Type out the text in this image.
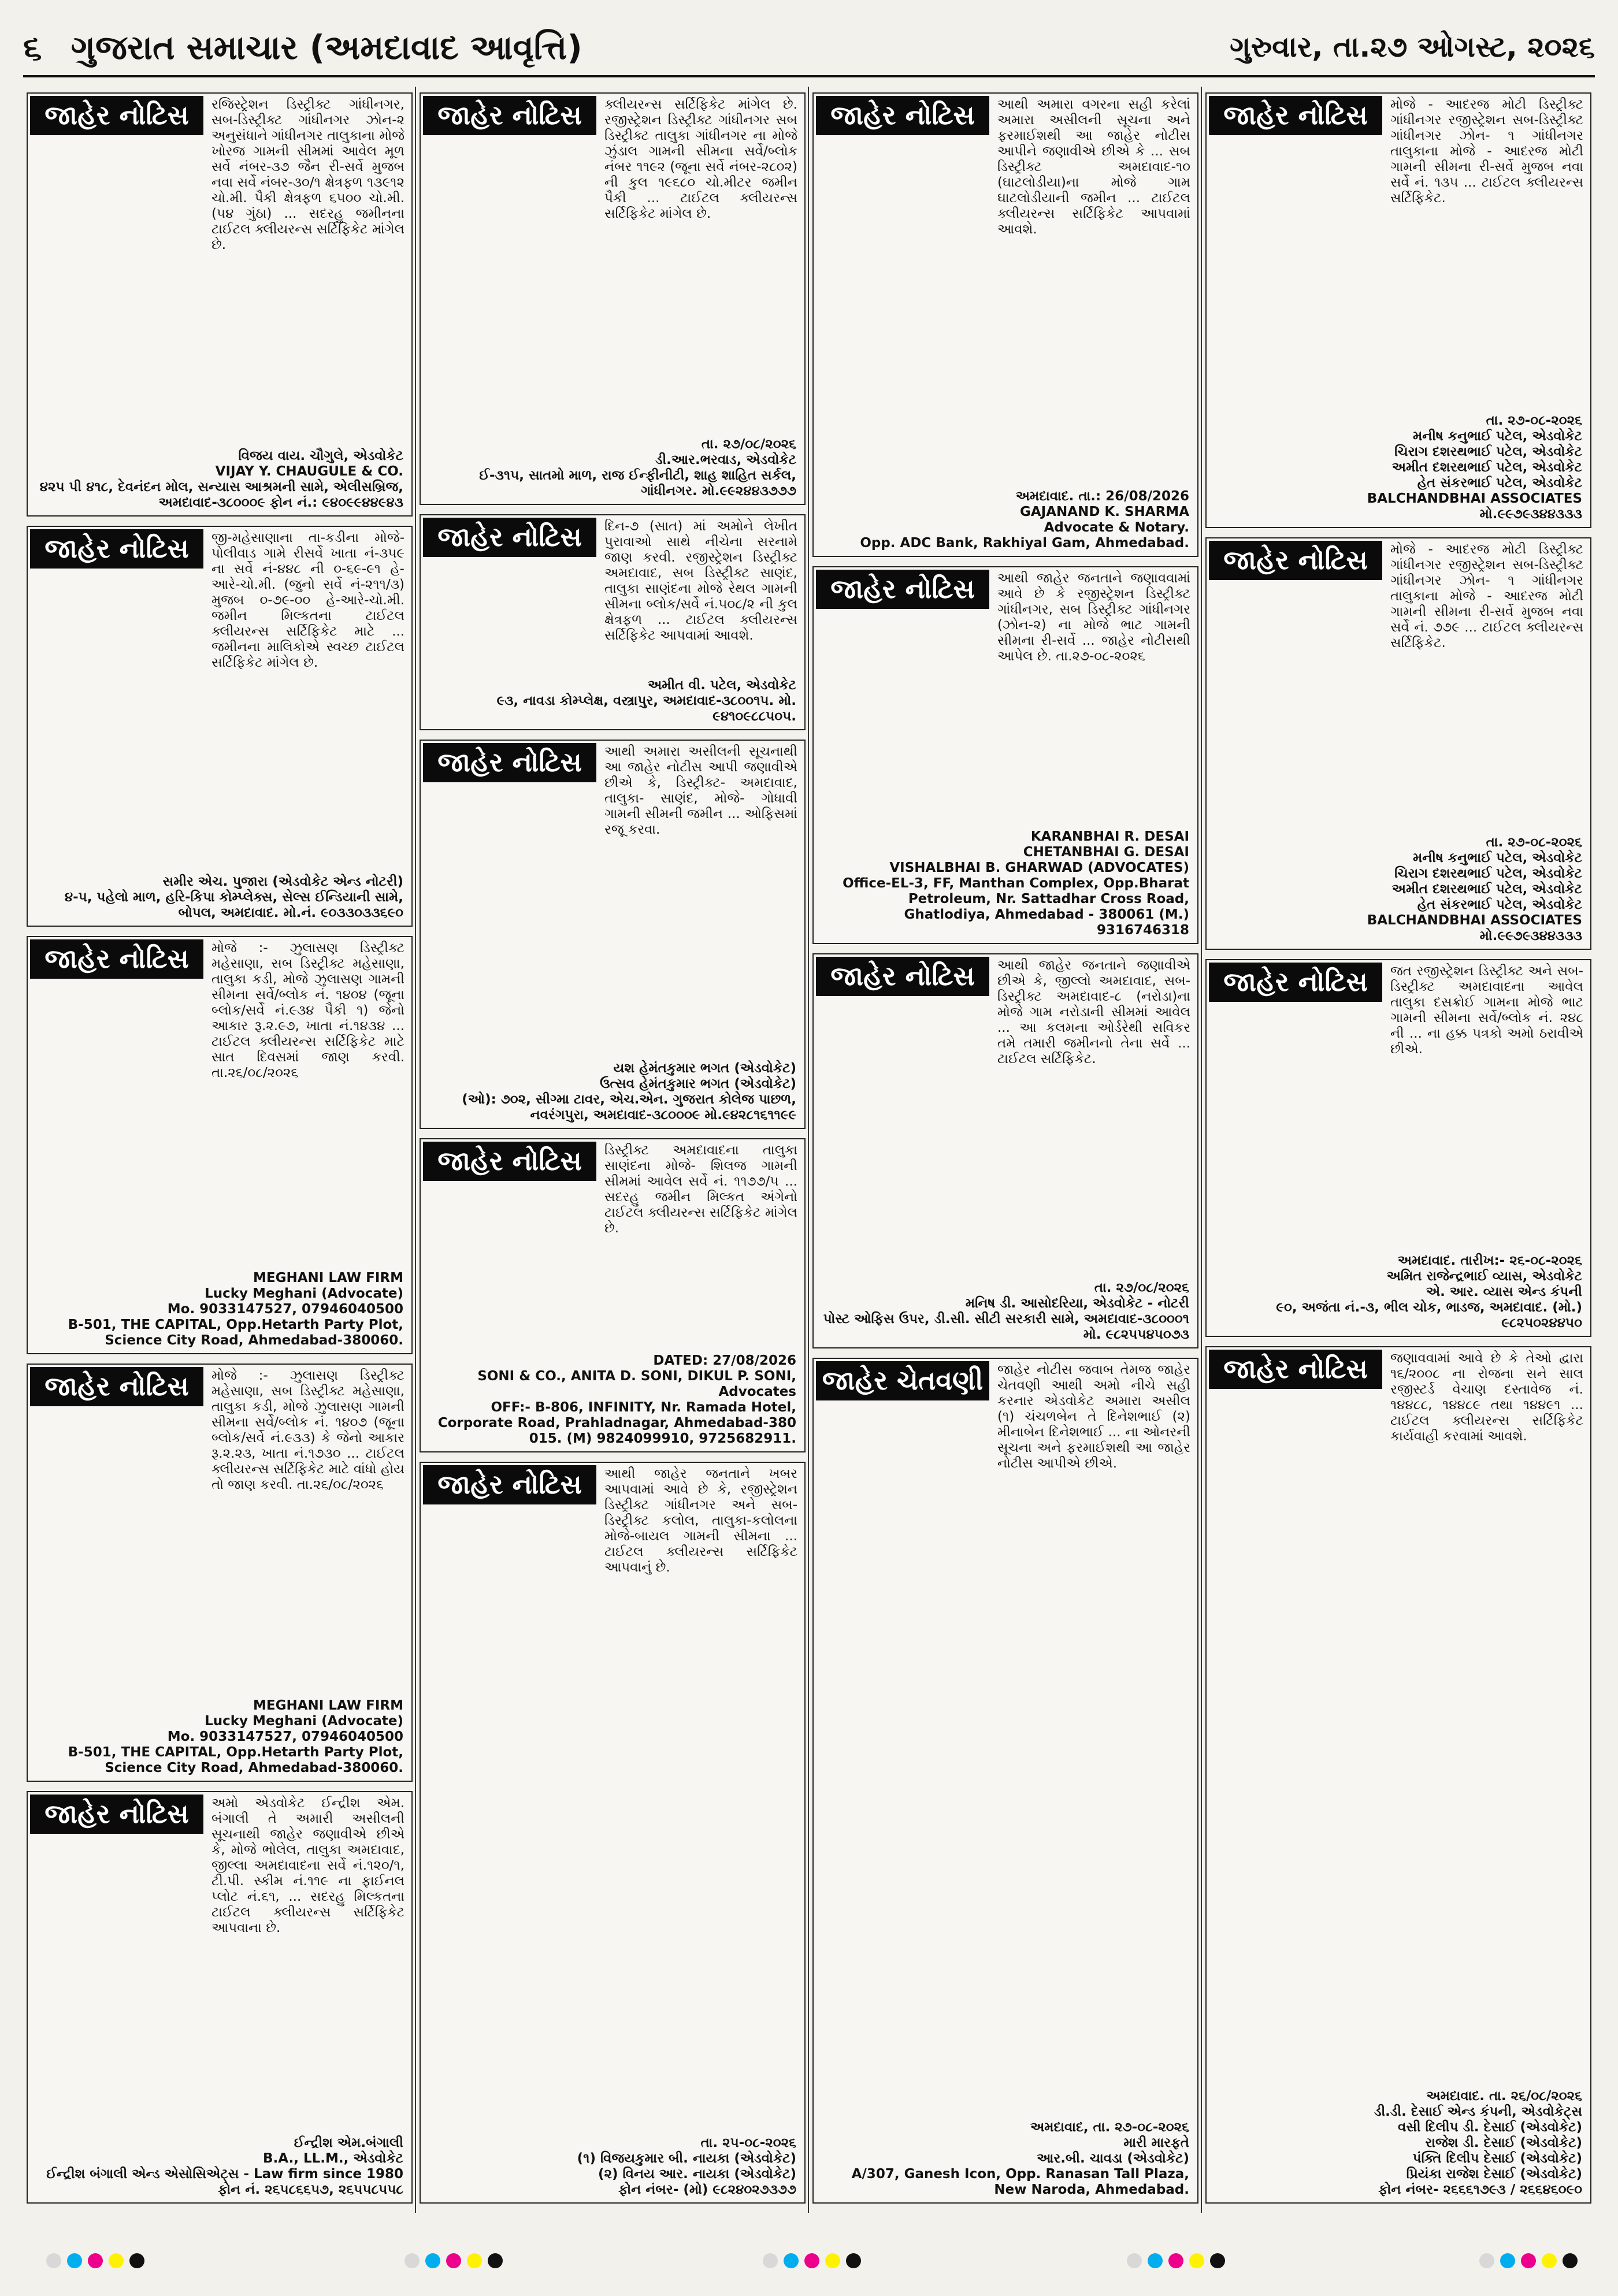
૬ ગુજરાત સમાચાર (અમદાવાદ આવૃત્તિ)	ગુરુવાર, તા.૨૭ ઓગસ્ટ, ૨૦૨૬
જાહેર નોટિસ	રજિસ્ટ્રેશન ડિસ્ટ્રીક્ટ ગાંધીનગર, સબ-ડિસ્ટ્રીક્ટ ગાંધીનગર ઝોન-૨ અનુસંધાને ગાંધીનગર તાલુકાના મોજે ખોરજ ગામની સીમમાં આવેલ મૂળ સર્વે નંબર-૩૭ જૈન રી-સર્વે મુજબ નવા સર્વે નંબર-૩૦/૧ ક્ષેત્રફળ ૧૩૯૧૨ ચો.મી. પૈકી ક્ષેત્રફળ ૬૫૦૦ ચો.મી. (૫૪ ગુંઠા) ... સદરહુ જમીનના ટાઈટલ ક્લીયરન્સ સર્ટિફિકેટ માંગેલ છે.
વિજય વાય. ચૌગુલે, એડવોકેટ
VIJAY Y. CHAUGULE & CO.
૪૨૫ પી ૪૧૮, દેવનંદન મોલ, સન્યાસ આશ્રમની સામે, એલીસબ્રિજ, અમદાવાદ-૩૮૦૦૦૯ ફોન નં.: ૯૪૦૯૯૪૪૯૪૩
જાહેર નોટિસ	જી-મહેસાણાના તા-કડીના મોજે-પોલીવાડ ગામે રીસર્વે ખાતા નં-૩૫૯ ના સર્વે નં-૪૪૮ ની ૦-૬૯-૯૧ હે-આરે-ચો.મી. (જુનો સર્વે નં-૨૧૧/૩) મુજબ ૦-૭૯-૦૦ હે-આરે-ચો.મી. જમીન મિલ્કતના ટાઈટલ ક્લીયરન્સ સર્ટિફિકેટ માટે ... જમીનના માલિકોએ સ્વચ્છ ટાઈટલ સર્ટિફિકેટ માંગેલ છે.
સમીર એચ. પુજારા (એડવોકેટ એન્ડ નોટરી)
૪-૫, પહેલો માળ, હરિ-કિપા કોમ્પ્લેક્સ, સેલ્સ ઈન્ડિયાની સામે, બોપલ, અમદાવાદ. મો.નં. ૯૦૩૩૦૩૩૬૯૦
જાહેર નોટિસ	મોજે :- ઝુલાસણ ડિસ્ટ્રીક્ટ મહેસાણા, સબ ડિસ્ટ્રીક્ટ મહેસાણા, તાલુકા કડી, મોજે ઝુલાસણ ગામની સીમના સર્વે/બ્લોક નં. ૧૪૦૪ (જૂના બ્લોક/સર્વે નં.૯૩૪ પૈકી ૧) જેનો આકાર રૂ.૨.૯૭, ખાતા નં.૧૪૩૪ ... ટાઈટલ ક્લીયરન્સ સર્ટિફિકેટ માટે સાત દિવસમાં જાણ કરવી. તા.૨૬/૦૮/૨૦૨૬
MEGHANI LAW FIRM
Lucky Meghani (Advocate)
Mo. 9033147527, 07946040500
B-501, THE CAPITAL, Opp.Hetarth Party Plot, Science City Road, Ahmedabad-380060.
જાહેર નોટિસ	મોજે :- ઝુલાસણ ડિસ્ટ્રીક્ટ મહેસાણા, સબ ડિસ્ટ્રીક્ટ મહેસાણા, તાલુકા કડી, મોજે ઝુલાસણ ગામની સીમના સર્વે/બ્લોક નં. ૧૪૦૭ (જૂના બ્લોક/સર્વે નં.૯૩૩) કે જેનો આકાર રૂ.૨.૨૩, ખાતા નં.૧૭૩૦ ... ટાઈટલ ક્લીયરન્સ સર્ટિફિકેટ માટે વાંધો હોય તો જાણ કરવી. તા.૨૬/૦૮/૨૦૨૬
MEGHANI LAW FIRM
Lucky Meghani (Advocate)
Mo. 9033147527, 07946040500
B-501, THE CAPITAL, Opp.Hetarth Party Plot, Science City Road, Ahmedabad-380060.
જાહેર નોટિસ	અમો એડવોકેટ ઈન્દ્રીશ એમ. બંગાલી તે અમારી અસીલની સૂચનાથી જાહેર જણાવીએ છીએ કે, મોજે ભોલેલ, તાલુકા અમદાવાદ, જીલ્લા અમદાવાદના સર્વે નં.૧૨૦/૧, ટી.પી. સ્કીમ નં.૧૧૯ ના ફાઈનલ પ્લોટ નં.૬૧, ... સદરહુ મિલ્કતના ટાઈટલ ક્લીયરન્સ સર્ટિફિકેટ આપવાના છે.
ઈન્દ્રીશ એમ.બંગાલી
B.A., LL.M., એડવોકેટ
ઈન્દ્રીશ બંગાલી એન્ડ એસોસિએટ્સ - Law firm since 1980
ફોન નં. ૨૬૫૮૬૬૫૭, ૨૬૫૫૮૫૫૮
જાહેર નોટિસ	ક્લીયરન્સ સર્ટિફિકેટ માંગેલ છે. રજીસ્ટ્રેશન ડિસ્ટ્રીક્ટ ગાંધીનગર સબ ડિસ્ટ્રીક્ટ તાલુકા ગાંધીનગર ના મોજે ઝુંડાલ ગામની સીમના સર્વે/બ્લોક નંબર ૧૧૯૨ (જૂના સર્વે નંબર-૨૮૦૨) ની કુલ ૧૯૬૮૦ ચો.મીટર જમીન પૈકી ... ટાઈટલ ક્લીયરન્સ સર્ટિફિકેટ માંગેલ છે.
તા. ૨૭/૦૮/૨૦૨૬
ડી.આર.ભરવાડ, એડવોકેટ
ઈ-૩૧૫, સાતમો માળ, રાજ ઈન્ફીનીટી, શાહ શાહિત સર્કલ, ગાંધીનગર. મો.૯૯૨૪૪૩૭૭૭
જાહેર નોટિસ	દિન-૭ (સાત) માં અમોને લેખીત પુરાવાઓ સાથે નીચેના સરનામે જાણ કરવી. રજીસ્ટ્રેશન ડિસ્ટ્રીક્ટ અમદાવાદ, સબ ડિસ્ટ્રીક્ટ સાણંદ, તાલુકા સાણંદના મોજે રેથલ ગામની સીમના બ્લોક/સર્વે નં.૫૦૮/૨ ની કુલ ક્ષેત્રફળ ... ટાઈટલ ક્લીયરન્સ સર્ટિફિકેટ આપવામાં આવશે.
અમીત વી. પટેલ, એડવોકેટ
૯૩, નાવડા કોમ્પ્લેક્ષ, વસ્ત્રાપુર, અમદાવાદ-૩૮૦૦૧૫. મો. ૯૪૧૦૯૮૮૫૦૫.
જાહેર નોટિસ	આથી અમારા અસીલની સૂચનાથી આ જાહેર નોટીસ આપી જણાવીએ છીએ કે, ડિસ્ટ્રીક્ટ- અમદાવાદ, તાલુકા- સાણંદ, મોજે- ગોધાવી ગામની સીમની જમીન ... ઓફિસમાં રજૂ કરવા.
યશ હેમંતકુમાર ભગત (એડવોકેટ)
ઉત્સવ હેમંતકુમાર ભગત (એડવોકેટ)
(ઓ): ૭૦૨, સીગ્મા ટાવર, એચ.એન. ગુજરાત કોલેજ પાછળ, નવરંગપુરા, અમદાવાદ-૩૮૦૦૦૯ મો.૯૪૨૮૧૬૧૧૯૯
જાહેર નોટિસ	ડિસ્ટ્રીક્ટ અમદાવાદના તાલુકા સાણંદના મોજે- શિલજ ગામની સીમમાં આવેલ સર્વે નં. ૧૧૭૭/૫ ... સદરહુ જમીન મિલ્કત અંગેનો ટાઈટલ ક્લીયરન્સ સર્ટિફિકેટ માંગેલ છે.
DATED: 27/08/2026
SONI & CO., ANITA D. SONI, DIKUL P. SONI, Advocates
OFF:- B-806, INFINITY, Nr. Ramada Hotel, Corporate Road, Prahladnagar, Ahmedabad-380 015. (M) 9824099910, 9725682911.
જાહેર નોટિસ	આથી જાહેર જનતાને ખબર આપવામાં આવે છે કે, રજીસ્ટ્રેશન ડિસ્ટ્રીક્ટ ગાંધીનગર અને સબ-ડિસ્ટ્રીક્ટ કલોલ, તાલુકા-કલોલના મોજે-બાયલ ગામની સીમના ... ટાઈટલ ક્લીયરન્સ સર્ટિફિકેટ આપવાનું છે.
તા. ૨૫-૦૮-૨૦૨૬
(૧) વિજયકુમાર બી. નાયકા (એડવોકેટ)
(૨) વિનય આર. નાયકા (એડવોકેટ)
ફોન નંબર- (મો) ૯૮૨૪૦૨૭૩૭૭
જાહેર નોટિસ	આથી અમારા વગરના સહી કરેલાં અમારા અસીલની સૂચના અને ફરમાઈશથી આ જાહેર નોટીસ આપીને જણાવીએ છીએ કે ... સબ ડિસ્ટ્રીક્ટ અમદાવાદ-૧૦ (ઘાટલોડીયા)ના મોજે ગામ ઘાટલોડીયાની જમીન ... ટાઈટલ ક્લીયરન્સ સર્ટિફિકેટ આપવામાં આવશે.
અમદાવાદ. તા.: 26/08/2026
GAJANAND K. SHARMA
Advocate & Notary.
Opp. ADC Bank, Rakhiyal Gam, Ahmedabad.
જાહેર નોટિસ	આથી જાહેર જનતાને જણાવવામાં આવે છે કે રજીસ્ટ્રેશન ડિસ્ટ્રીક્ટ ગાંધીનગર, સબ ડિસ્ટ્રીક્ટ ગાંધીનગર (ઝોન-૨) ના મોજે ભાટ ગામની સીમના રી-સર્વે ... જાહેર નોટીસથી આપેલ છે. તા.૨૭-૦૮-૨૦૨૬
KARANBHAI R. DESAI
CHETANBHAI G. DESAI
VISHALBHAI B. GHARWAD (ADVOCATES)
Office-EL-3, FF, Manthan Complex, Opp.Bharat Petroleum, Nr. Sattadhar Cross Road, Ghatlodiya, Ahmedabad - 380061 (M.) 9316746318
જાહેર નોટિસ	આથી જાહેર જનતાને જણાવીએ છીએ કે, જીલ્લો અમદાવાદ, સબ-ડિસ્ટ્રીક્ટ અમદાવાદ-૮ (નરોડા)ના મોજે ગામ નરોડાની સીમમાં આવેલ ... આ કલમના ઓર્ડરેથી સવિકર તમે તમારી જમીનનો તેના સર્વે ... ટાઈટલ સર્ટિફિકેટ.
તા. ૨૭/૦૮/૨૦૨૬
મનિષ ડી. આસોદરિયા, એડવોકેટ - નોટરી
પોસ્ટ ઓફિસ ઉપર, ડી.સી. સીટી સરકારી સામે, અમદાવાદ-૩૮૦૦૦૧ મો. ૯૮૨૫૫૪૫૦૭૩
જાહેર ચેતવણી	જાહેર નોટીસ જવાબ તેમજ જાહેર ચેતવણી આથી અમો નીચે સહી કરનાર એડવોકેટ અમારા અસીલ (૧) ચંચળબેન તે દિનેશભાઈ (૨) મીનાબેન દિનેશભાઈ ... ના ઓનરની સૂચના અને ફરમાઈશથી આ જાહેર નોટીસ આપીએ છીએ.
અમદાવાદ, તા. ૨૭-૦૮-૨૦૨૬
મારી મારફતે
આર.બી. ચાવડા (એડવોકેટ)
A/307, Ganesh Icon, Opp. Ranasan Tall Plaza, New Naroda, Ahmedabad.
જાહેર નોટિસ	મોજે - આદરજ મોટી ડિસ્ટ્રીક્ટ ગાંધીનગર રજીસ્ટ્રેશન સબ-ડિસ્ટ્રીક્ટ ગાંધીનગર ઝોન- ૧ ગાંધીનગર તાલુકાના મોજે - આદરજ મોટી ગામની સીમના રી-સર્વે મુજબ નવા સર્વે નં. ૧૩૫ ... ટાઈટલ ક્લીયરન્સ સર્ટિફિકેટ.
તા. ૨૭-૦૮-૨૦૨૬
મનીષ કનુભાઈ પટેલ, એડવોકેટ
ચિરાગ દશરથભાઈ પટેલ, એડવોકેટ
અમીત દશરથભાઈ પટેલ, એડવોકેટ
હેત સંકરભાઈ પટેલ, એડવોકેટ
BALCHANDBHAI ASSOCIATES
મો.૯૯૭૯૩૪૪૩૩૩
જાહેર નોટિસ	મોજે - આદરજ મોટી ડિસ્ટ્રીક્ટ ગાંધીનગર રજીસ્ટ્રેશન સબ-ડિસ્ટ્રીક્ટ ગાંધીનગર ઝોન- ૧ ગાંધીનગર તાલુકાના મોજે - આદરજ મોટી ગામની સીમના રી-સર્વે મુજબ નવા સર્વે નં. ૭૭૯ ... ટાઈટલ ક્લીયરન્સ સર્ટિફિકેટ.
તા. ૨૭-૦૮-૨૦૨૬
મનીષ કનુભાઈ પટેલ, એડવોકેટ
ચિરાગ દશરથભાઈ પટેલ, એડવોકેટ
અમીત દશરથભાઈ પટેલ, એડવોકેટ
હેત સંકરભાઈ પટેલ, એડવોકેટ
BALCHANDBHAI ASSOCIATES
મો.૯૯૭૯૩૪૪૩૩૩
જાહેર નોટિસ	જત રજીસ્ટ્રેશન ડિસ્ટ્રીક્ટ અને સબ-ડિસ્ટ્રીક્ટ અમદાવાદના આવેલ તાલુકા દસક્રોઈ ગામના મોજે ભાટ ગામની સીમના સર્વે/બ્લોક નં. ૨૪૮ ની ... ના હક્ક પત્રકો અમો ઠરાવીએ છીએ.
અમદાવાદ. તારીખ:- ૨૬-૦૮-૨૦૨૬
અમિત રાજેન્દ્રભાઈ વ્યાસ, એડવોકેટ
એ. આર. વ્યાસ એન્ડ કંપની
૯૦, અજંતા નં.-૩, ભીલ ચોક, ભાડજ, અમદાવાદ. (મો.) ૯૮૨૫૦૨૪૪૫૦
જાહેર નોટિસ	જણાવવામાં આવે છે કે તેઓ દ્વારા ૧૬/૨૦૦૮ ના રોજના સને સાલ રજીસ્ટર્ડ વેચાણ દસ્તાવેજ નં. ૧૪૪૮૮, ૧૪૪૮૯ તથા ૧૪૪૯૧ ... ટાઈટલ ક્લીયરન્સ સર્ટિફિકેટ કાર્યવાહી કરવામાં આવશે.
અમદાવાદ. તા. ૨૬/૦૮/૨૦૨૬
ડી.ડી. દેસાઈ એન્ડ કંપની, એડવોકેટ્સ
વસી દિલીપ ડી. દેસાઈ (એડવોકેટ)
રાજેશ ડી. દેસાઈ (એડવોકેટ)
પંક્તિ દિલીપ દેસાઈ (એડવોકેટ)
પ્રિયંકા રાજેશ દેસાઈ (એડવોકેટ)
ફોન નંબર- ૨૬૬૬૧૭૯૩ / ૨૬૬૪૬૦૯૦
